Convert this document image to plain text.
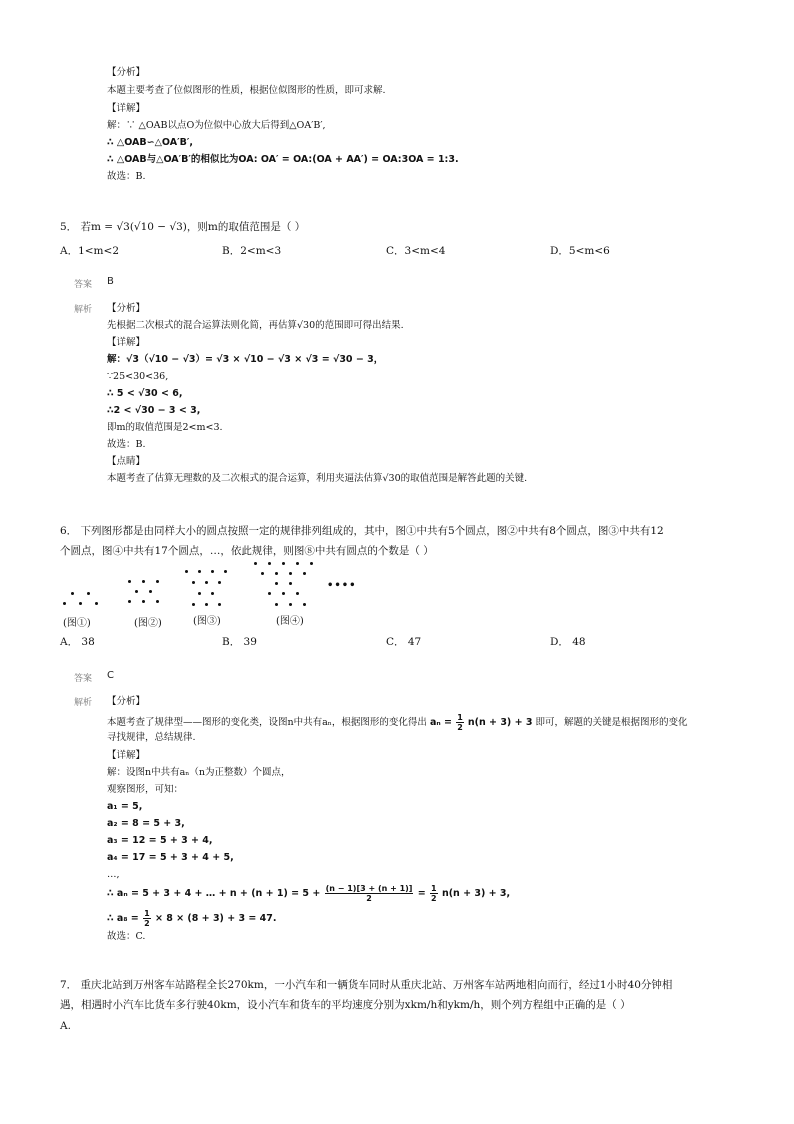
【分析】
本题主要考查了位似图形的性质，根据位似图形的性质，即可求解.
【详解】
解：∵ △OAB以点O为位似中心放大后得到△OA′B′,
∴ △OAB∽△OA′B′,
∴ △OAB与△OA′B′的相似比为OA: OA′ = OA:(OA + AA′) = OA:3OA = 1:3.
故选：B.
5． 若m = √3(√10 − √3)，则m的取值范围是（ ）
A．1<m<2	B．2<m<3	C．3<m<4	D．5<m<6
答案 B
解析 【分析】
先根据二次根式的混合运算法则化简，再估算√30的范围即可得出结果.
【详解】
解：√3（√10 − √3）= √3 × √10 − √3 × √3 = √30 − 3，
∵25<30<36,
∴ 5 < √30 < 6,
∴2 < √30 − 3 < 3,
即m的取值范围是2<m<3.
故选：B.
【点睛】
本题考查了估算无理数的及二次根式的混合运算，利用夹逼法估算√30的取值范围是解答此题的关键.
6． 下列图形都是由同样大小的圆点按照一定的规律排列组成的，其中，图①中共有5个圆点，图②中共有8个圆点，图③中共有12
个圆点，图④中共有17个圆点，…，依此规律，则图⑧中共有圆点的个数是（ ）
(图①)	(图②)	(图③)	(图④)
••••
A． 38	B． 39	C． 47	D． 48
答案 C
解析 【分析】
本题考查了规律型——图形的变化类，设图n中共有aₙ，根据图形的变化得出 $a_n = \frac{1}{2} n(n + 3) + 3$ 即可，解题的关键是根据图形的变化
寻找规律，总结规律.
【详解】
解：设图n中共有aₙ（n为正整数）个圆点，
观察图形，可知：
a₁ = 5,
a₂ = 8 = 5 + 3,
a₃ = 12 = 5 + 3 + 4,
a₄ = 17 = 5 + 3 + 4 + 5,
…,
∴ aₙ = 5 + 3 + 4 + … + $n + (n + 1) = 5 + \frac{(n - 1)[3 + (n + 1)]}{2} = \frac{1}{2} n(n + 3) + 3$,
∴ $a_8 = \frac{1}{2} \times 8 \times (8 + 3) + 3 = 47$.
故选：C.
7． 重庆北站到万州客车站路程全长270km，一小汽车和一辆货车同时从重庆北站、万州客车站两地相向而行，经过1小时40分钟相
遇，相遇时小汽车比货车多行驶40km，设小汽车和货车的平均速度分别为xkm/h和ykm/h，则个列方程组中正确的是（ ）
A.
